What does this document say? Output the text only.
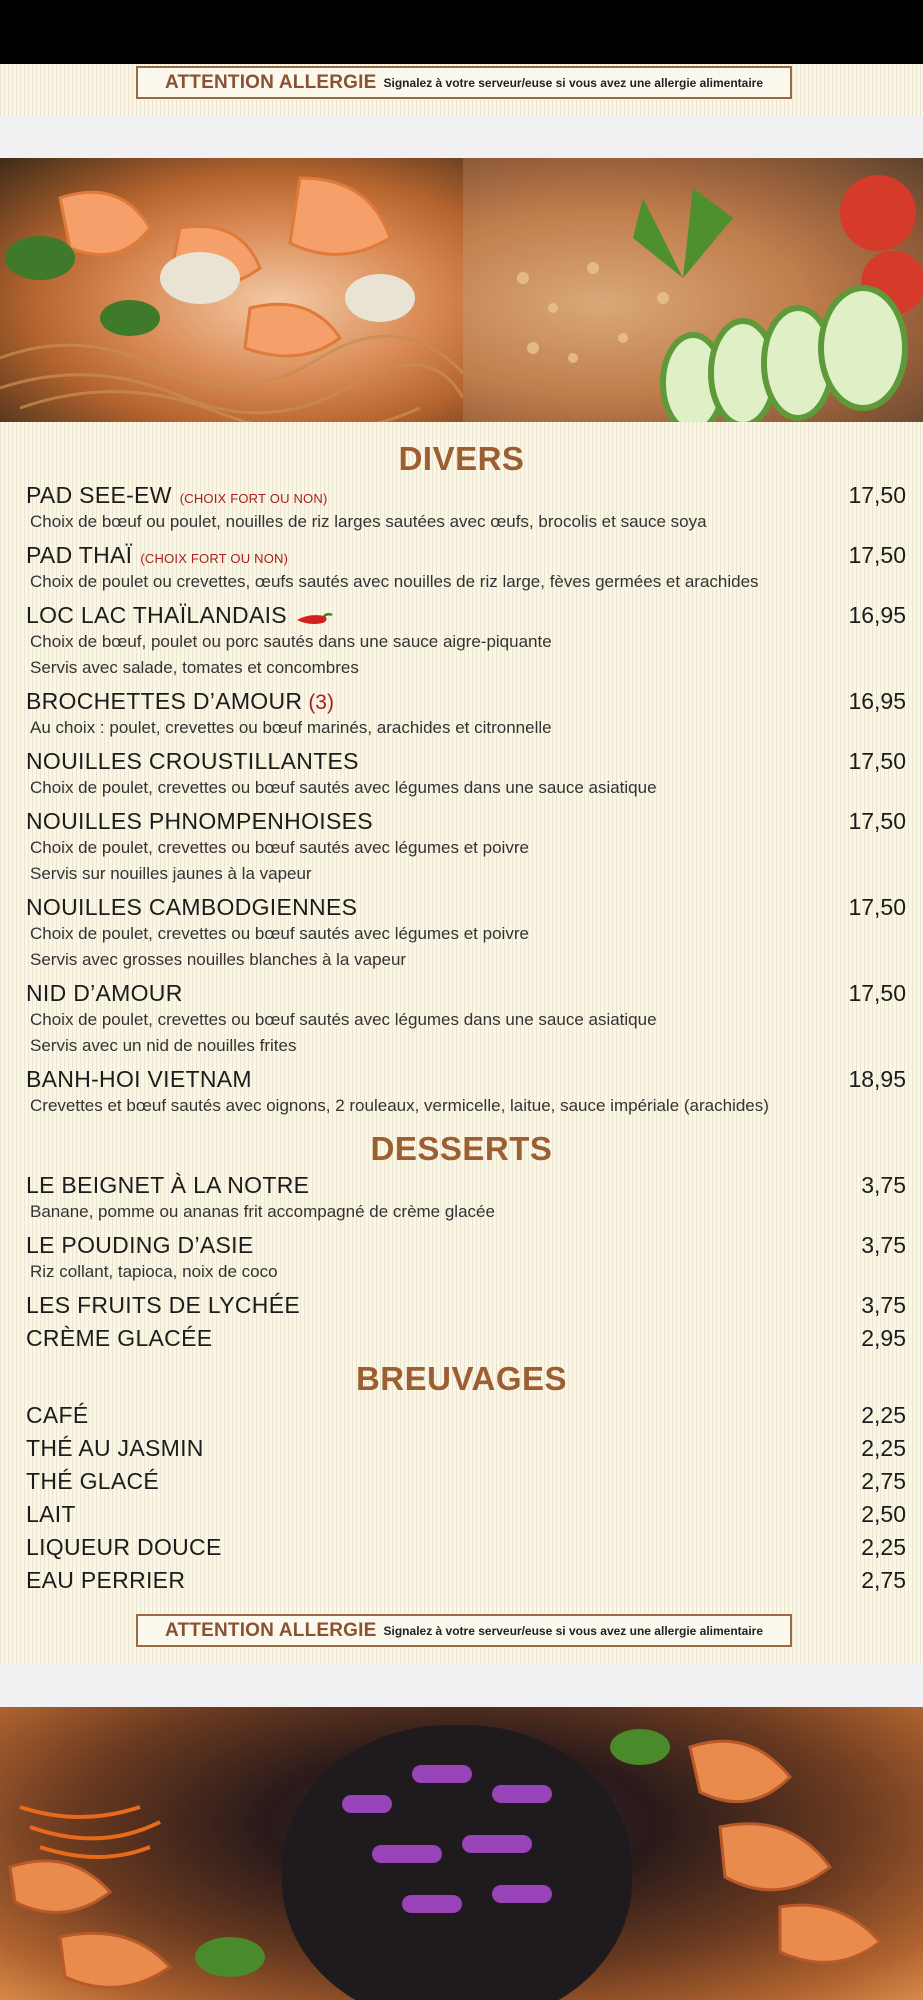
ATTENTION ALLERGIE Signalez à votre serveur/euse si vous avez une allergie alimentaire
DIVERS
PAD SEE-EW (CHOIX FORT OU NON)	17,50
Choix de bœuf ou poulet, nouilles de riz larges sautées avec œufs, brocolis et sauce soya
PAD THAÏ (CHOIX FORT OU NON)	17,50
Choix de poulet ou crevettes, œufs sautés avec nouilles de riz large, fèves germées et arachides
LOC LAC THAÏLANDAIS	16,95
Choix de bœuf, poulet ou porc sautés dans une sauce aigre-piquante
Servis avec salade, tomates et concombres
BROCHETTES D’AMOUR (3)	16,95
Au choix : poulet, crevettes ou bœuf marinés, arachides et citronnelle
NOUILLES CROUSTILLANTES	17,50
Choix de poulet, crevettes ou bœuf sautés avec légumes dans une sauce asiatique
NOUILLES PHNOMPENHOISES	17,50
Choix de poulet, crevettes ou bœuf sautés avec légumes et poivre
Servis sur nouilles jaunes à la vapeur
NOUILLES CAMBODGIENNES	17,50
Choix de poulet, crevettes ou bœuf sautés avec légumes et poivre
Servis avec grosses nouilles blanches à la vapeur
NID D’AMOUR	17,50
Choix de poulet, crevettes ou bœuf sautés avec légumes dans une sauce asiatique
Servis avec un nid de nouilles frites
BANH-HOI VIETNAM	18,95
Crevettes et bœuf sautés avec oignons, 2 rouleaux, vermicelle, laitue, sauce impériale (arachides)
DESSERTS
LE BEIGNET À LA NOTRE	3,75
Banane, pomme ou ananas frit accompagné de crème glacée
LE POUDING D’ASIE	3,75
Riz collant, tapioca, noix de coco
LES FRUITS DE LYCHÉE	3,75
CRÈME GLACÉE	2,95
BREUVAGES
CAFÉ	2,25
THÉ AU JASMIN	2,25
THÉ GLACÉ	2,75
LAIT	2,50
LIQUEUR DOUCE	2,25
EAU PERRIER	2,75
ATTENTION ALLERGIE Signalez à votre serveur/euse si vous avez une allergie alimentaire
